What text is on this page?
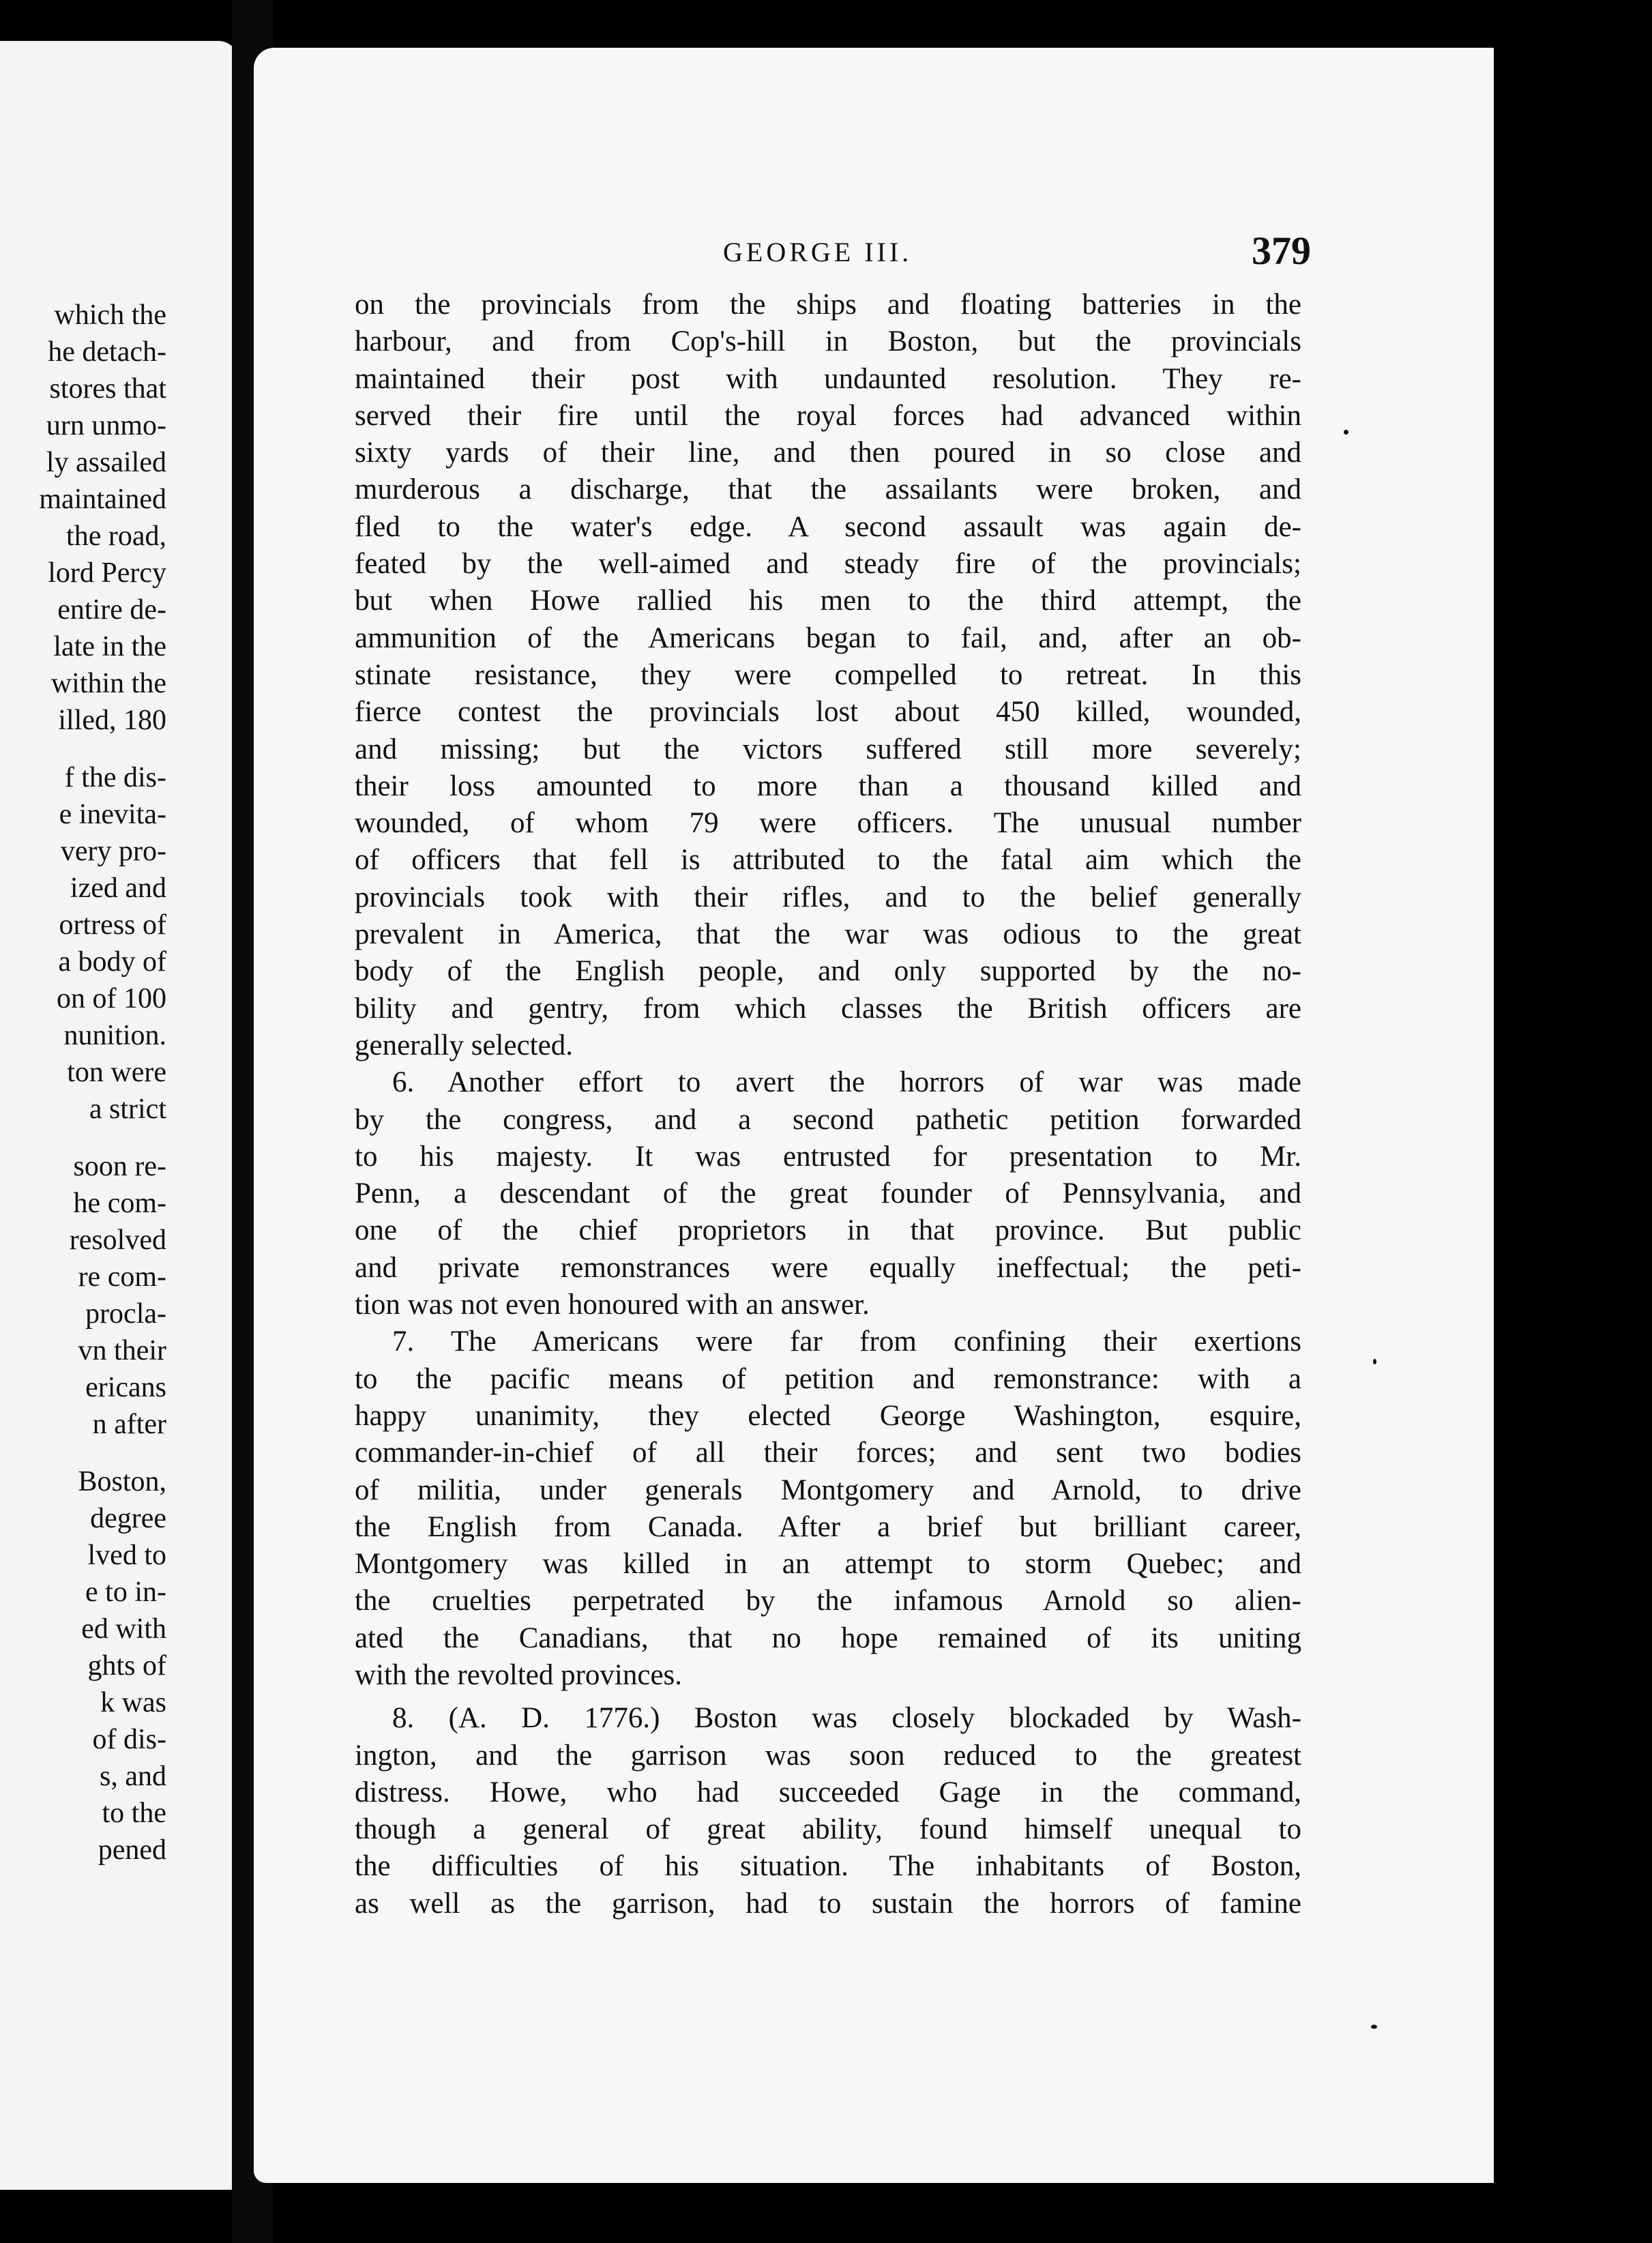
which the
he detach-
stores that
urn unmo-
ly assailed
maintained
the road,
lord Percy
entire de-
late in the
within the
illed, 180
f the dis-
e inevita-
very pro-
ized and
ortress of
a body of
on of 100
nunition.
ton were
a strict
soon re-
he com-
resolved
re com-
procla-
vn their
ericans
n after
Boston,
degree
lved to
e to in-
ed with
ghts of
k was
of dis-
s, and
to the
pened
GEORGE III.	379
on the provincials from the ships and floating batteries in the
harbour, and from Cop's-hill in Boston, but the provincials
maintained their post with undaunted resolution. They re-
served their fire until the royal forces had advanced within
sixty yards of their line, and then poured in so close and
murderous a discharge, that the assailants were broken, and
fled to the water's edge. A second assault was again de-
feated by the well-aimed and steady fire of the provincials;
but when Howe rallied his men to the third attempt, the
ammunition of the Americans began to fail, and, after an ob-
stinate resistance, they were compelled to retreat. In this
fierce contest the provincials lost about 450 killed, wounded,
and missing; but the victors suffered still more severely;
their loss amounted to more than a thousand killed and
wounded, of whom 79 were officers. The unusual number
of officers that fell is attributed to the fatal aim which the
provincials took with their rifles, and to the belief generally
prevalent in America, that the war was odious to the great
body of the English people, and only supported by the no-
bility and gentry, from which classes the British officers are
generally selected.
6. Another effort to avert the horrors of war was made
by the congress, and a second pathetic petition forwarded
to his majesty. It was entrusted for presentation to Mr.
Penn, a descendant of the great founder of Pennsylvania, and
one of the chief proprietors in that province. But public
and private remonstrances were equally ineffectual; the peti-
tion was not even honoured with an answer.
7. The Americans were far from confining their exertions
to the pacific means of petition and remonstrance: with a
happy unanimity, they elected George Washington, esquire,
commander-in-chief of all their forces; and sent two bodies
of militia, under generals Montgomery and Arnold, to drive
the English from Canada. After a brief but brilliant career,
Montgomery was killed in an attempt to storm Quebec; and
the cruelties perpetrated by the infamous Arnold so alien-
ated the Canadians, that no hope remained of its uniting
with the revolted provinces.
8. (A. D. 1776.) Boston was closely blockaded by Wash-
ington, and the garrison was soon reduced to the greatest
distress. Howe, who had succeeded Gage in the command,
though a general of great ability, found himself unequal to
the difficulties of his situation. The inhabitants of Boston,
as well as the garrison, had to sustain the horrors of famine
